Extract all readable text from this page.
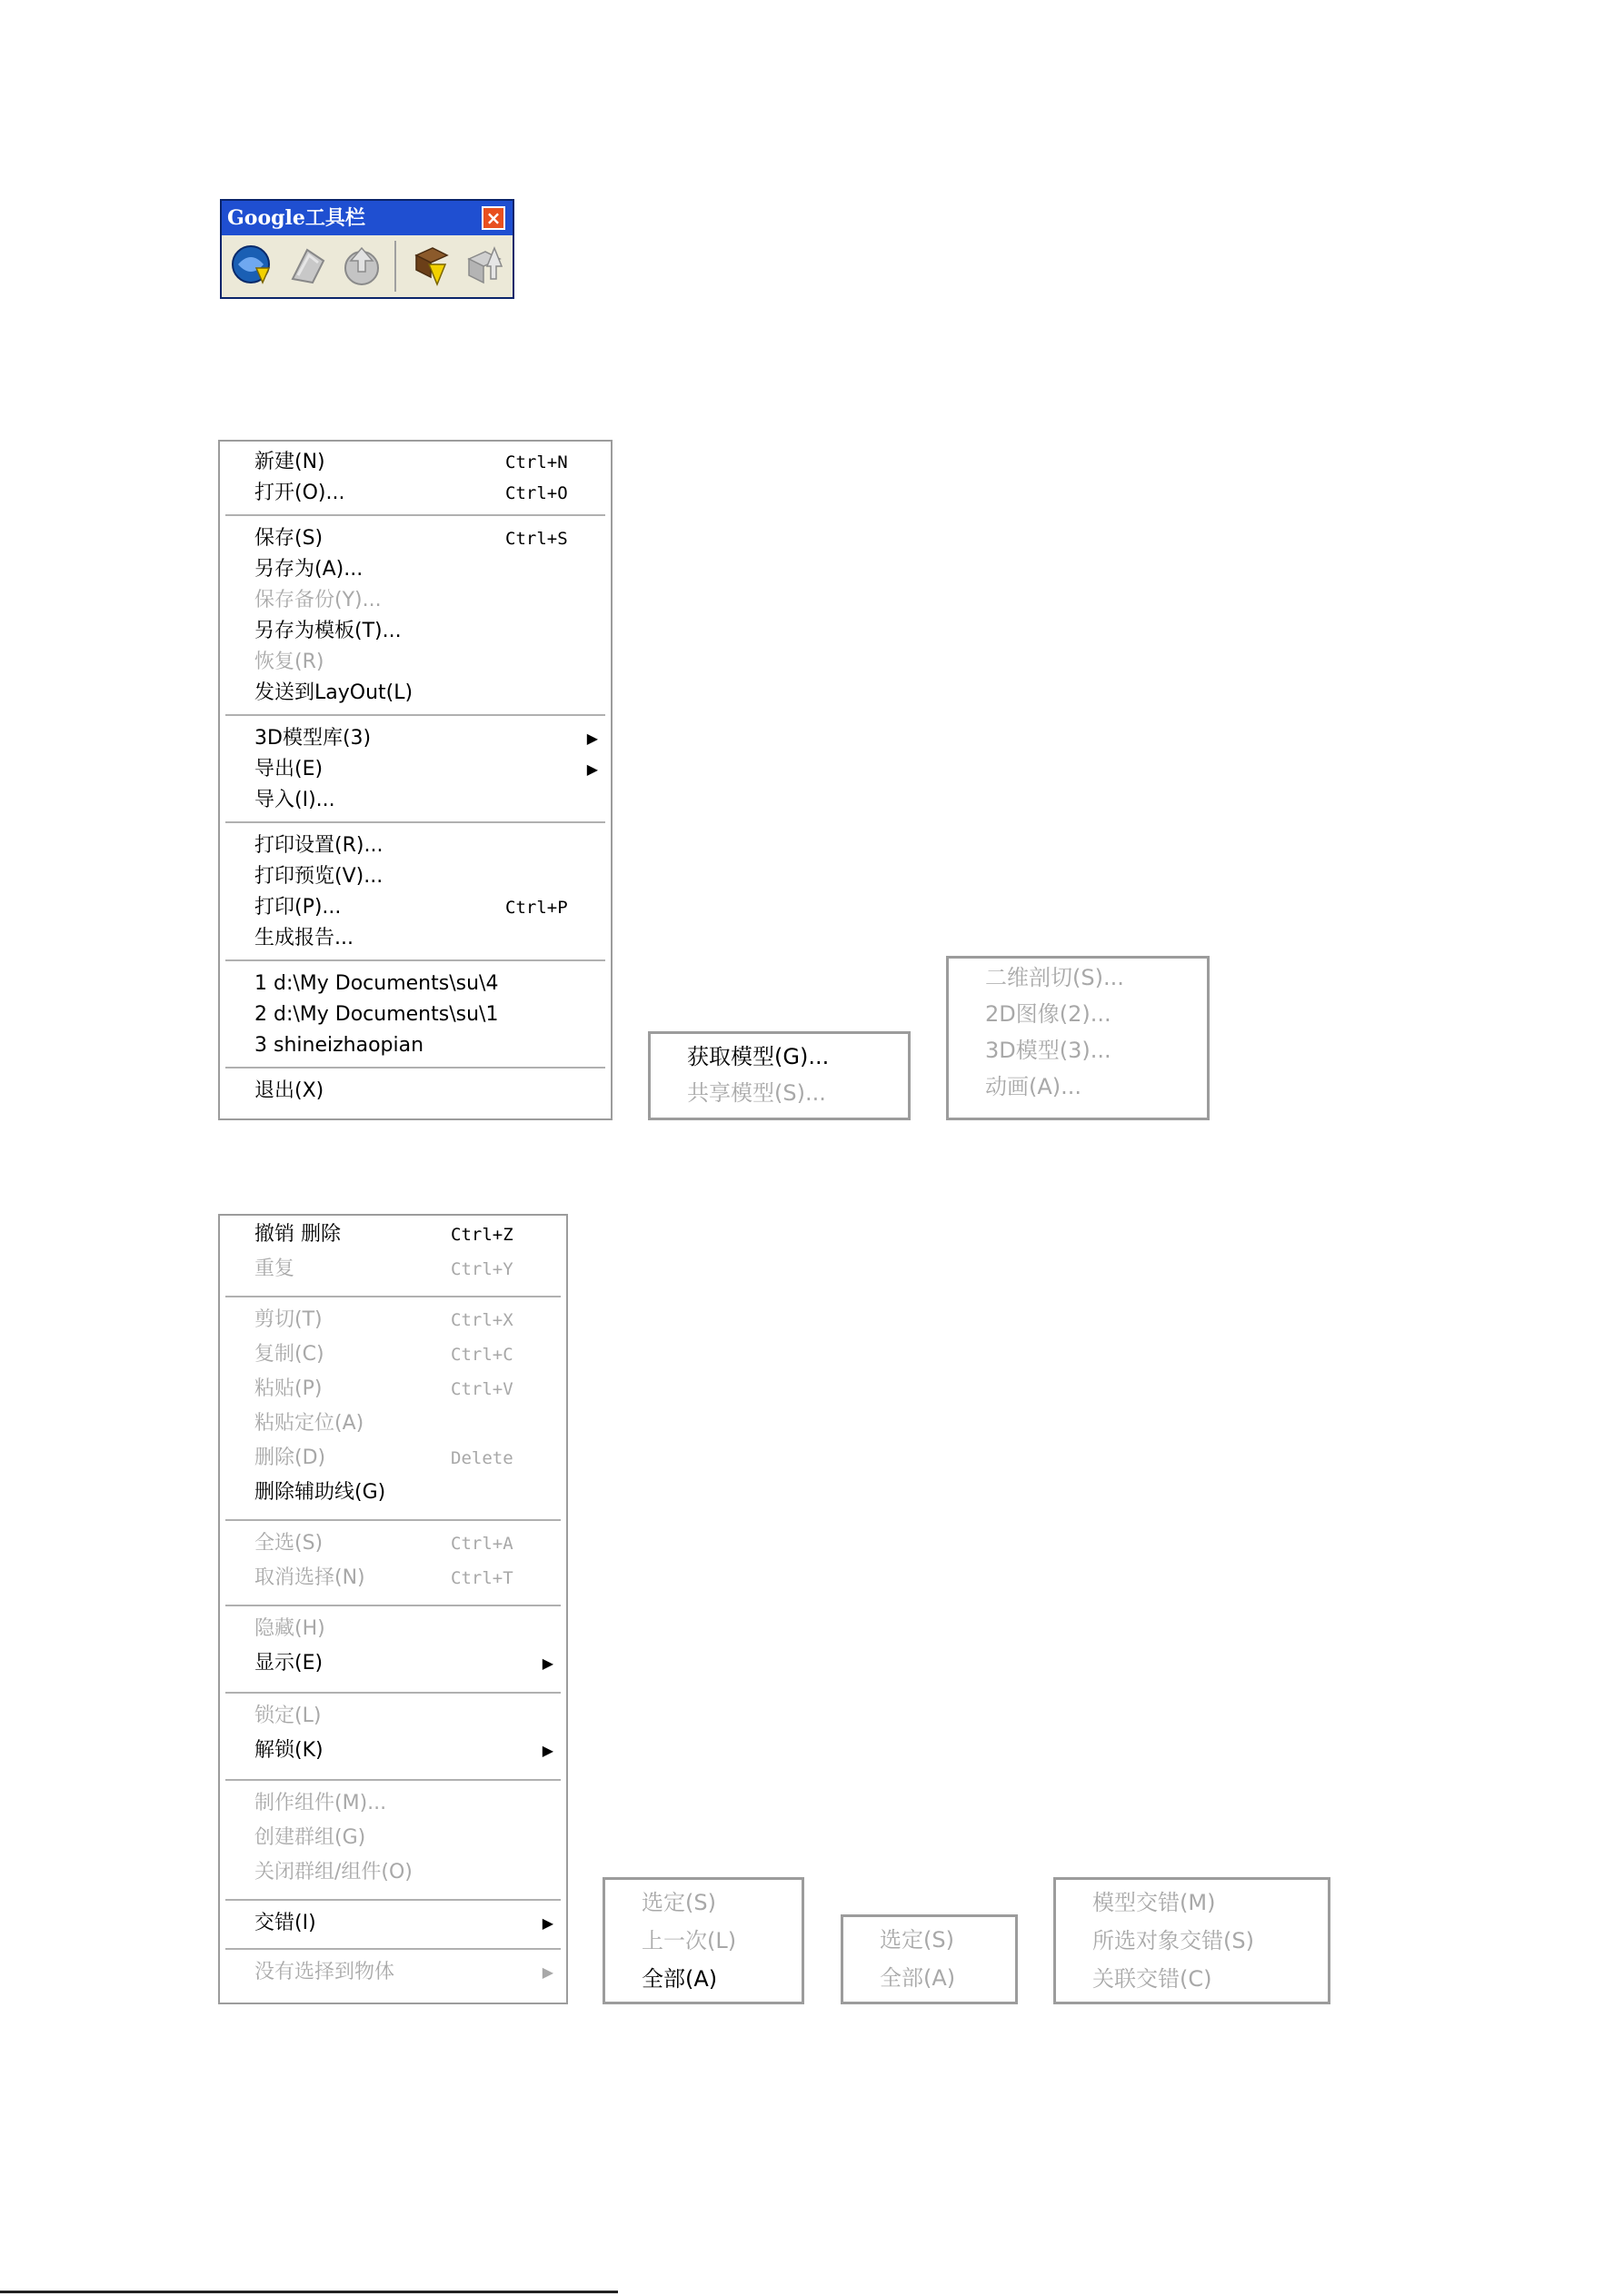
Google工具栏	×
新建(N)	Ctrl+N
打开(O)...	Ctrl+O
保存(S)	Ctrl+S
另存为(A)...
保存备份(Y)...
另存为模板(T)...
恢复(R)
发送到LayOut(L)
3D模型库(3)	▶
导出(E)	▶
导入(I)...
打印设置(R)...
打印预览(V)...
打印(P)...	Ctrl+P
生成报告...
1 d:\My Documents\su\4
2 d:\My Documents\su\1
3 shineizhaopian
退出(X)
获取模型(G)...
共享模型(S)...
二维剖切(S)...
2D图像(2)...
3D模型(3)...
动画(A)...
撤销 删除	Ctrl+Z
重复	Ctrl+Y
剪切(T)	Ctrl+X
复制(C)	Ctrl+C
粘贴(P)	Ctrl+V
粘贴定位(A)
删除(D)	Delete
删除辅助线(G)
全选(S)	Ctrl+A
取消选择(N)	Ctrl+T
隐藏(H)
显示(E)	▶
锁定(L)
解锁(K)	▶
制作组件(M)...
创建群组(G)
关闭群组/组件(O)
交错(I)	▶
没有选择到物体	▶
选定(S)
上一次(L)
全部(A)
选定(S)
全部(A)
模型交错(M)
所选对象交错(S)
关联交错(C)
